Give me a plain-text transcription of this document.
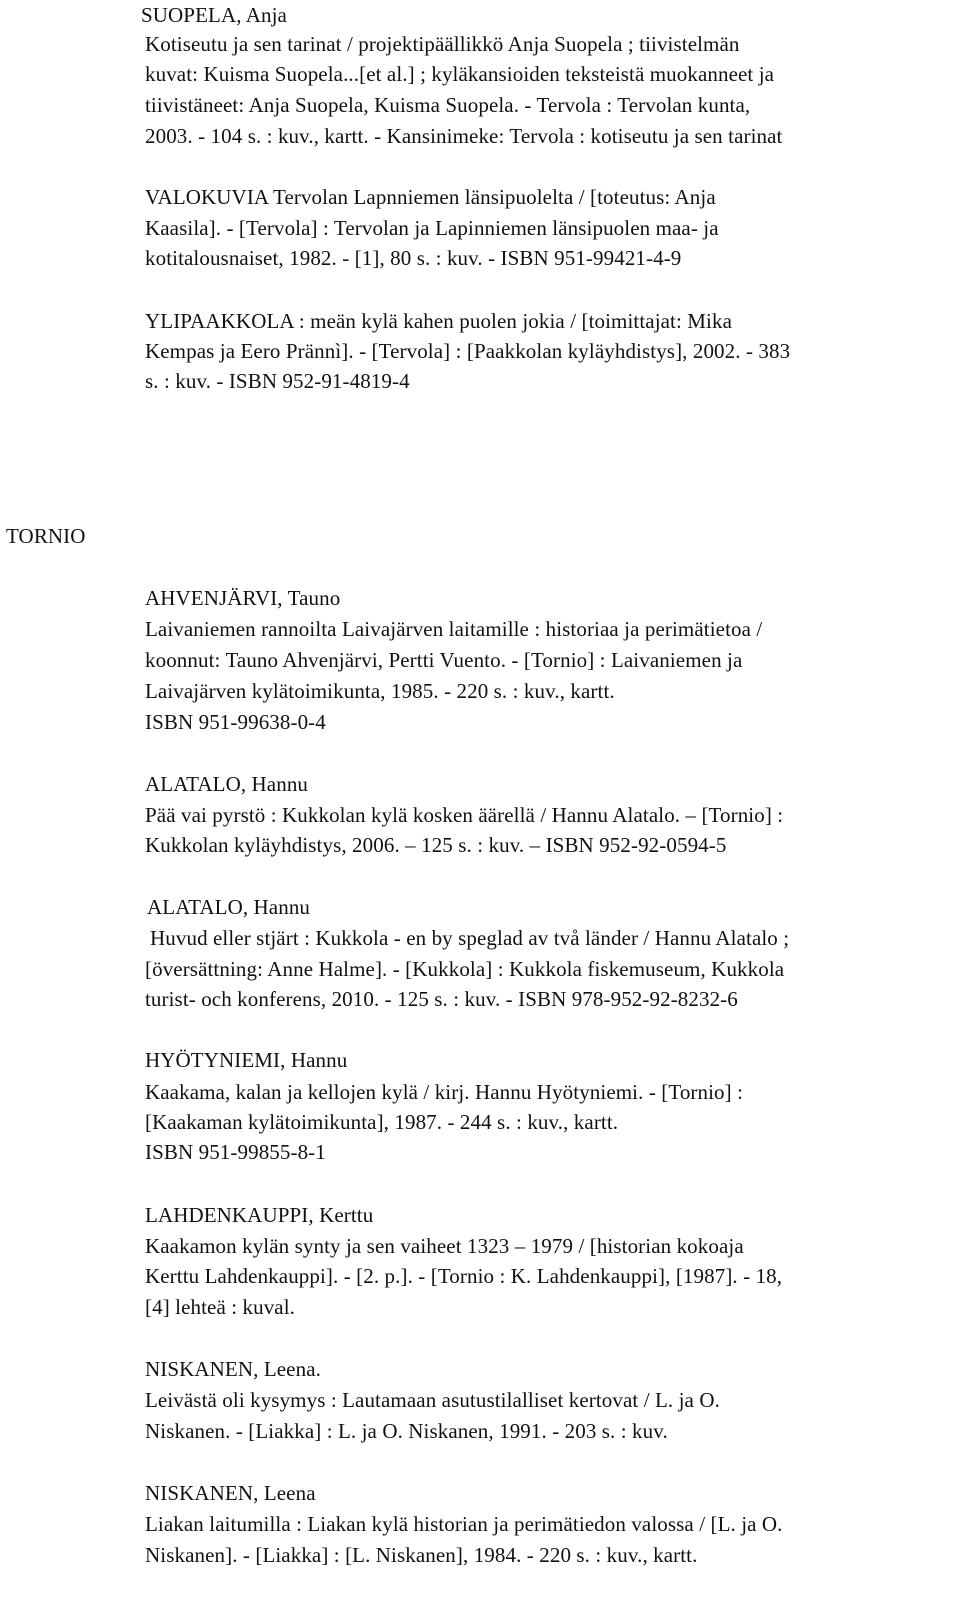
SUOPELA, Anja
Kotiseutu ja sen tarinat / projektipäällikkö Anja Suopela ; tiivistelmän
kuvat: Kuisma Suopela...[et al.] ; kyläkansioiden teksteistä muokanneet ja
tiivistäneet: Anja Suopela, Kuisma Suopela. - Tervola : Tervolan kunta,
2003. - 104 s. : kuv., kartt. - Kansinimeke: Tervola : kotiseutu ja sen tarinat
VALOKUVIA Tervolan Lapnniemen länsipuolelta / [toteutus: Anja
Kaasila]. - [Tervola] : Tervolan ja Lapinniemen länsipuolen maa- ja
kotitalousnaiset, 1982. - [1], 80 s. : kuv. - ISBN 951-99421-4-9
YLIPAAKKOLA : meän kylä kahen puolen jokia / [toimittajat: Mika
Kempas ja Eero Prännì]. - [Tervola] : [Paakkolan kyläyhdistys], 2002. - 383
s. : kuv. - ISBN 952-91-4819-4
TORNIO
AHVENJÄRVI, Tauno
Laivaniemen rannoilta Laivajärven laitamille : historiaa ja perimätietoa /
koonnut: Tauno Ahvenjärvi, Pertti Vuento. - [Tornio] : Laivaniemen ja
Laivajärven kylätoimikunta, 1985. - 220 s. : kuv., kartt.
ISBN 951-99638-0-4
ALATALO, Hannu
Pää vai pyrstö : Kukkolan kylä kosken äärellä / Hannu Alatalo. – [Tornio] :
Kukkolan kyläyhdistys, 2006. – 125 s. : kuv. – ISBN 952-92-0594-5
ALATALO, Hannu
Huvud eller stjärt : Kukkola - en by speglad av två länder / Hannu Alatalo ;
[översättning: Anne Halme]. - [Kukkola] : Kukkola fiskemuseum, Kukkola
turist- och konferens, 2010. - 125 s. : kuv. - ISBN 978-952-92-8232-6
HYÖTYNIEMI, Hannu
Kaakama, kalan ja kellojen kylä / kirj. Hannu Hyötyniemi. - [Tornio] :
[Kaakaman kylätoimikunta], 1987. - 244 s. : kuv., kartt.
ISBN 951-99855-8-1
LAHDENKAUPPI, Kerttu
Kaakamon kylän synty ja sen vaiheet 1323 – 1979 / [historian kokoaja
Kerttu Lahdenkauppi]. - [2. p.]. - [Tornio : K. Lahdenkauppi], [1987]. - 18,
[4] lehteä : kuval.
NISKANEN, Leena.
Leivästä oli kysymys : Lautamaan asutustilalliset kertovat / L. ja O.
Niskanen. - [Liakka] : L. ja O. Niskanen, 1991. - 203 s. : kuv.
NISKANEN, Leena
Liakan laitumilla : Liakan kylä historian ja perimätiedon valossa / [L. ja O.
Niskanen]. - [Liakka] : [L. Niskanen], 1984. - 220 s. : kuv., kartt.
